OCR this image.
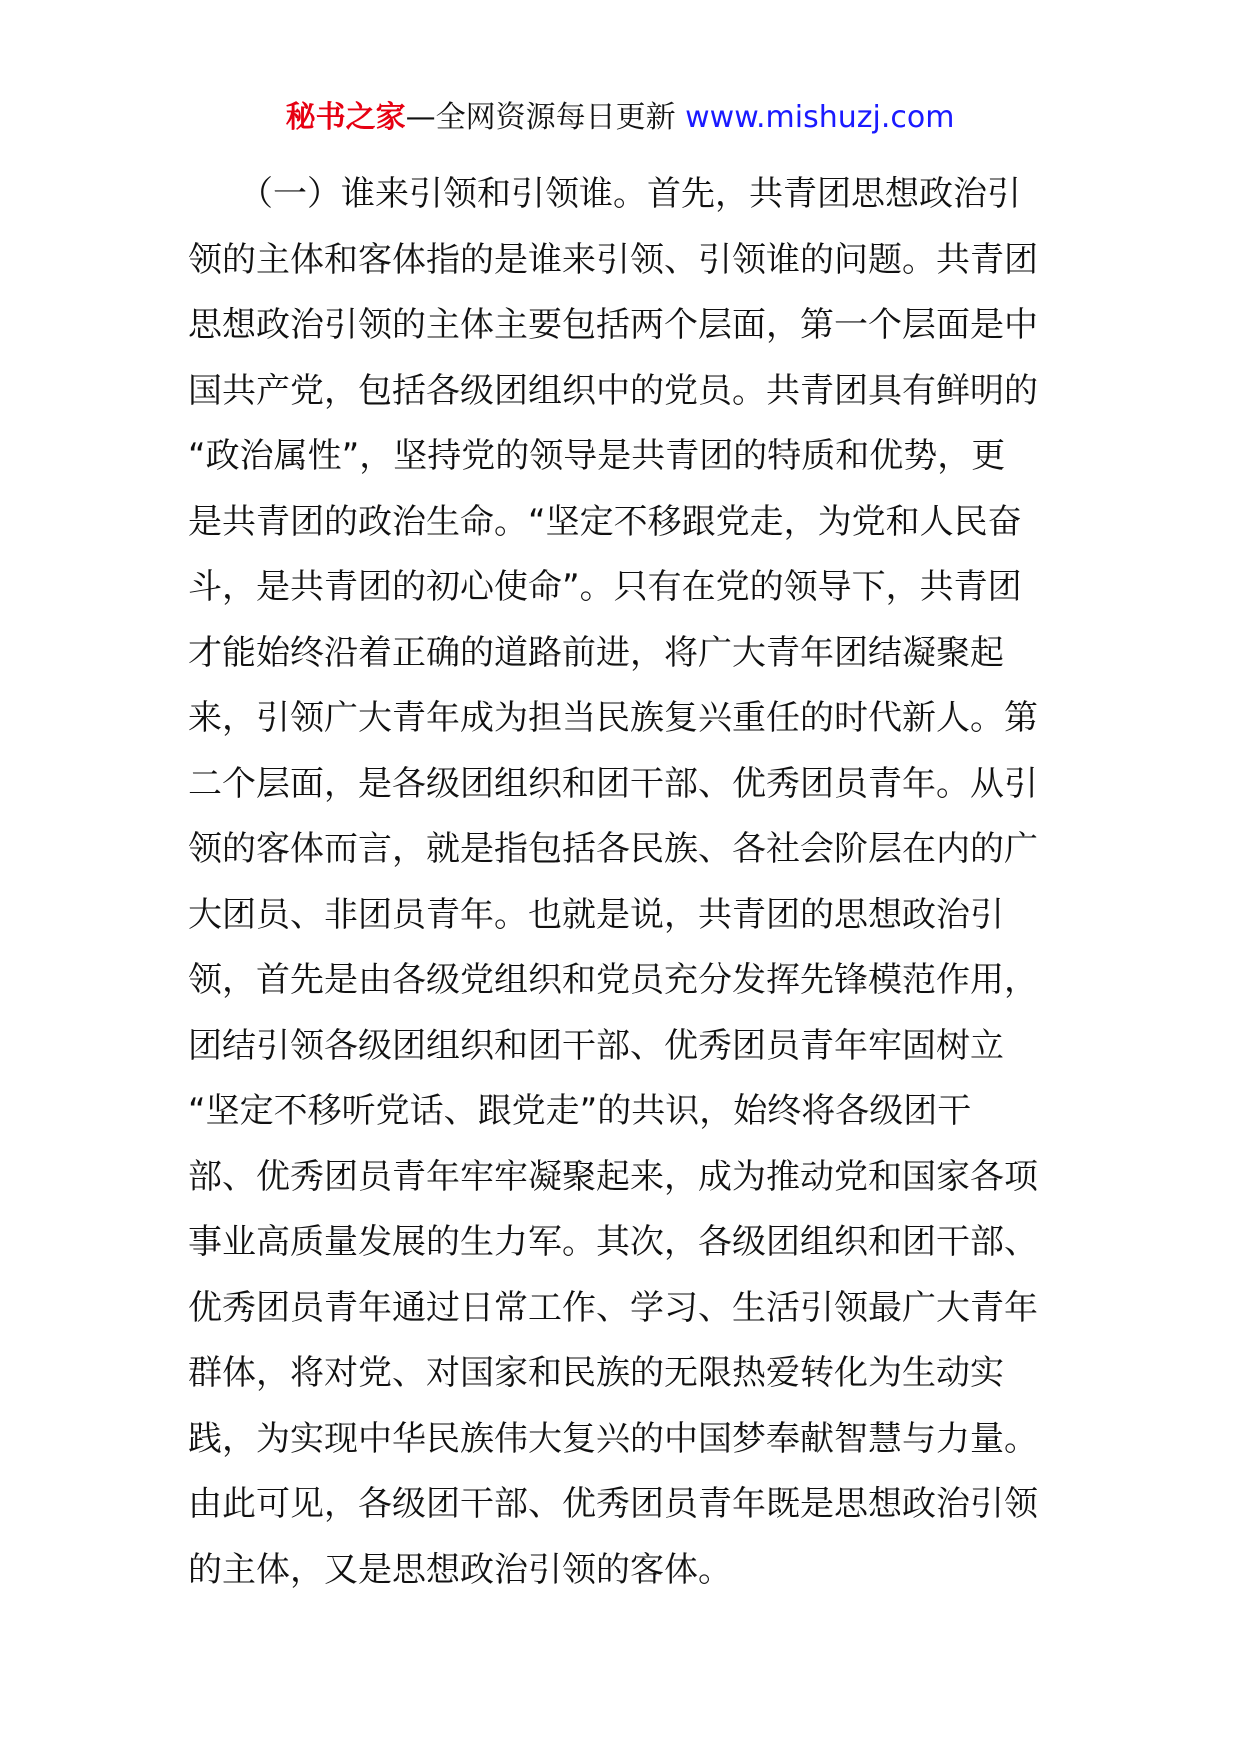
秘书之家—全网资源每日更新 www.mishuzj.com
　　（一）谁来引领和引领谁。首先，共青团思想政治引
领的主体和客体指的是谁来引领、引领谁的问题。共青团
思想政治引领的主体主要包括两个层面，第一个层面是中
国共产党，包括各级团组织中的党员。共青团具有鲜明的
“政治属性”，坚持党的领导是共青团的特质和优势，更
是共青团的政治生命。“坚定不移跟党走，为党和人民奋
斗，是共青团的初心使命”。只有在党的领导下，共青团
才能始终沿着正确的道路前进，将广大青年团结凝聚起
来，引领广大青年成为担当民族复兴重任的时代新人。第
二个层面，是各级团组织和团干部、优秀团员青年。从引
领的客体而言，就是指包括各民族、各社会阶层在内的广
大团员、非团员青年。也就是说，共青团的思想政治引
领，首先是由各级党组织和党员充分发挥先锋模范作用，
团结引领各级团组织和团干部、优秀团员青年牢固树立
“坚定不移听党话、跟党走”的共识，始终将各级团干
部、优秀团员青年牢牢凝聚起来，成为推动党和国家各项
事业高质量发展的生力军。其次，各级团组织和团干部、
优秀团员青年通过日常工作、学习、生活引领最广大青年
群体，将对党、对国家和民族的无限热爱转化为生动实
践，为实现中华民族伟大复兴的中国梦奉献智慧与力量。
由此可见，各级团干部、优秀团员青年既是思想政治引领
的主体，又是思想政治引领的客体。
